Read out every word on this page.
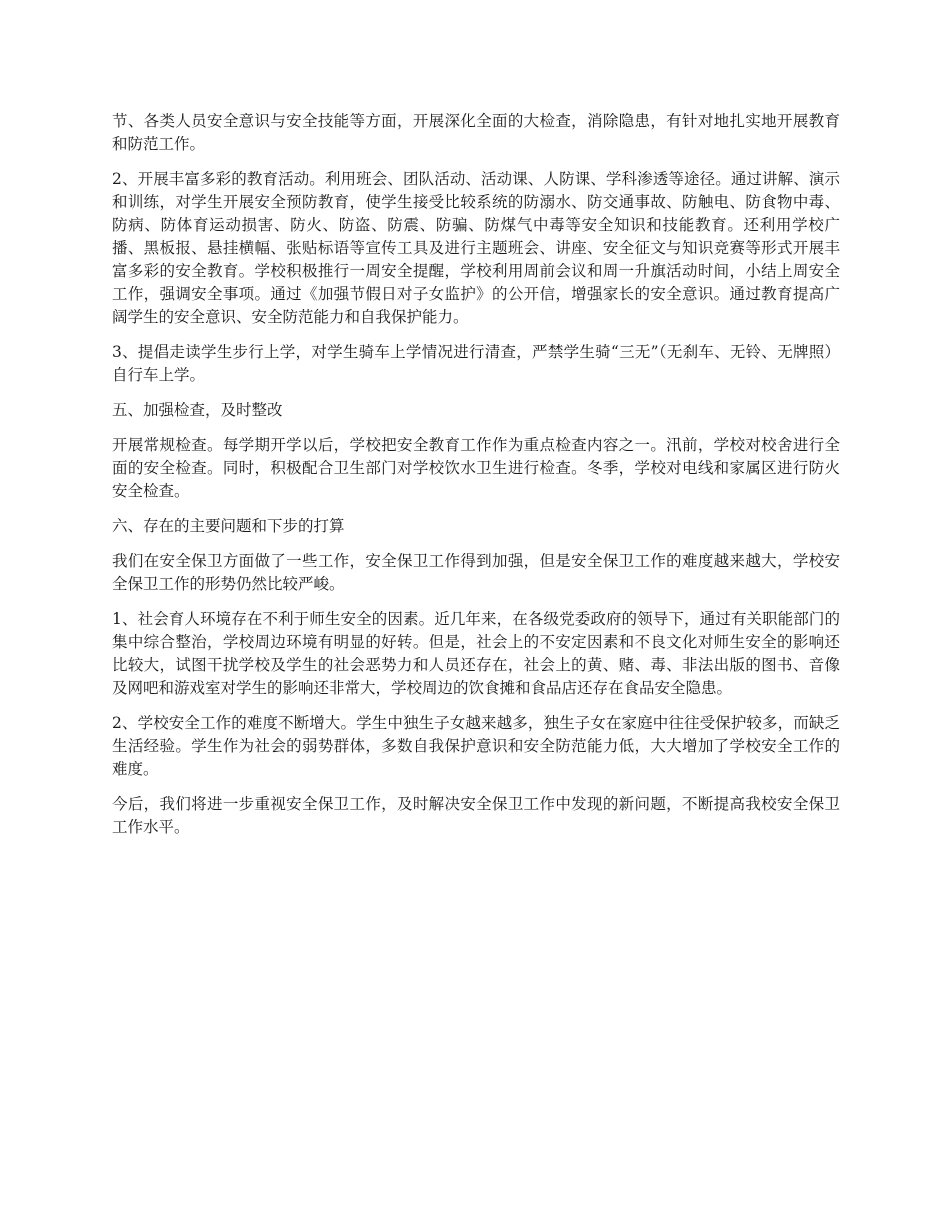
节、各类人员安全意识与安全技能等方面，开展深化全面的大检查，消除隐患，有针对地扎实地开展教育和防范工作。

2、开展丰富多彩的教育活动。利用班会、团队活动、活动课、人防课、学科渗透等途径。通过讲解、演示和训练，对学生开展安全预防教育，使学生接受比较系统的防溺水、防交通事故、防触电、防食物中毒、防病、防体育运动损害、防火、防盗、防震、防骗、防煤气中毒等安全知识和技能教育。还利用学校广播、黑板报、悬挂横幅、张贴标语等宣传工具及进行主题班会、讲座、安全征文与知识竞赛等形式开展丰富多彩的安全教育。学校积极推行一周安全提醒，学校利用周前会议和周一升旗活动时间，小结上周安全工作，强调安全事项。通过《加强节假日对子女监护》的公开信，增强家长的安全意识。通过教育提高广阔学生的安全意识、安全防范能力和自我保护能力。

3、提倡走读学生步行上学，对学生骑车上学情况进行清查，严禁学生骑“三无”（无刹车、无铃、无牌照）自行车上学。

五、加强检查，及时整改

开展常规检查。每学期开学以后，学校把安全教育工作作为重点检查内容之一。汛前，学校对校舍进行全面的安全检查。同时，积极配合卫生部门对学校饮水卫生进行检查。冬季，学校对电线和家属区进行防火安全检查。

六、存在的主要问题和下步的打算

我们在安全保卫方面做了一些工作，安全保卫工作得到加强，但是安全保卫工作的难度越来越大，学校安全保卫工作的形势仍然比较严峻。

1、社会育人环境存在不利于师生安全的因素。近几年来，在各级党委政府的领导下，通过有关职能部门的集中综合整治，学校周边环境有明显的好转。但是，社会上的不安定因素和不良文化对师生安全的影响还比较大，试图干扰学校及学生的社会恶势力和人员还存在，社会上的黄、赌、毒、非法出版的图书、音像及网吧和游戏室对学生的影响还非常大，学校周边的饮食摊和食品店还存在食品安全隐患。

2、学校安全工作的难度不断增大。学生中独生子女越来越多，独生子女在家庭中往往受保护较多，而缺乏生活经验。学生作为社会的弱势群体，多数自我保护意识和安全防范能力低，大大增加了学校安全工作的难度。

今后，我们将进一步重视安全保卫工作，及时解决安全保卫工作中发现的新问题，不断提高我校安全保卫工作水平。
